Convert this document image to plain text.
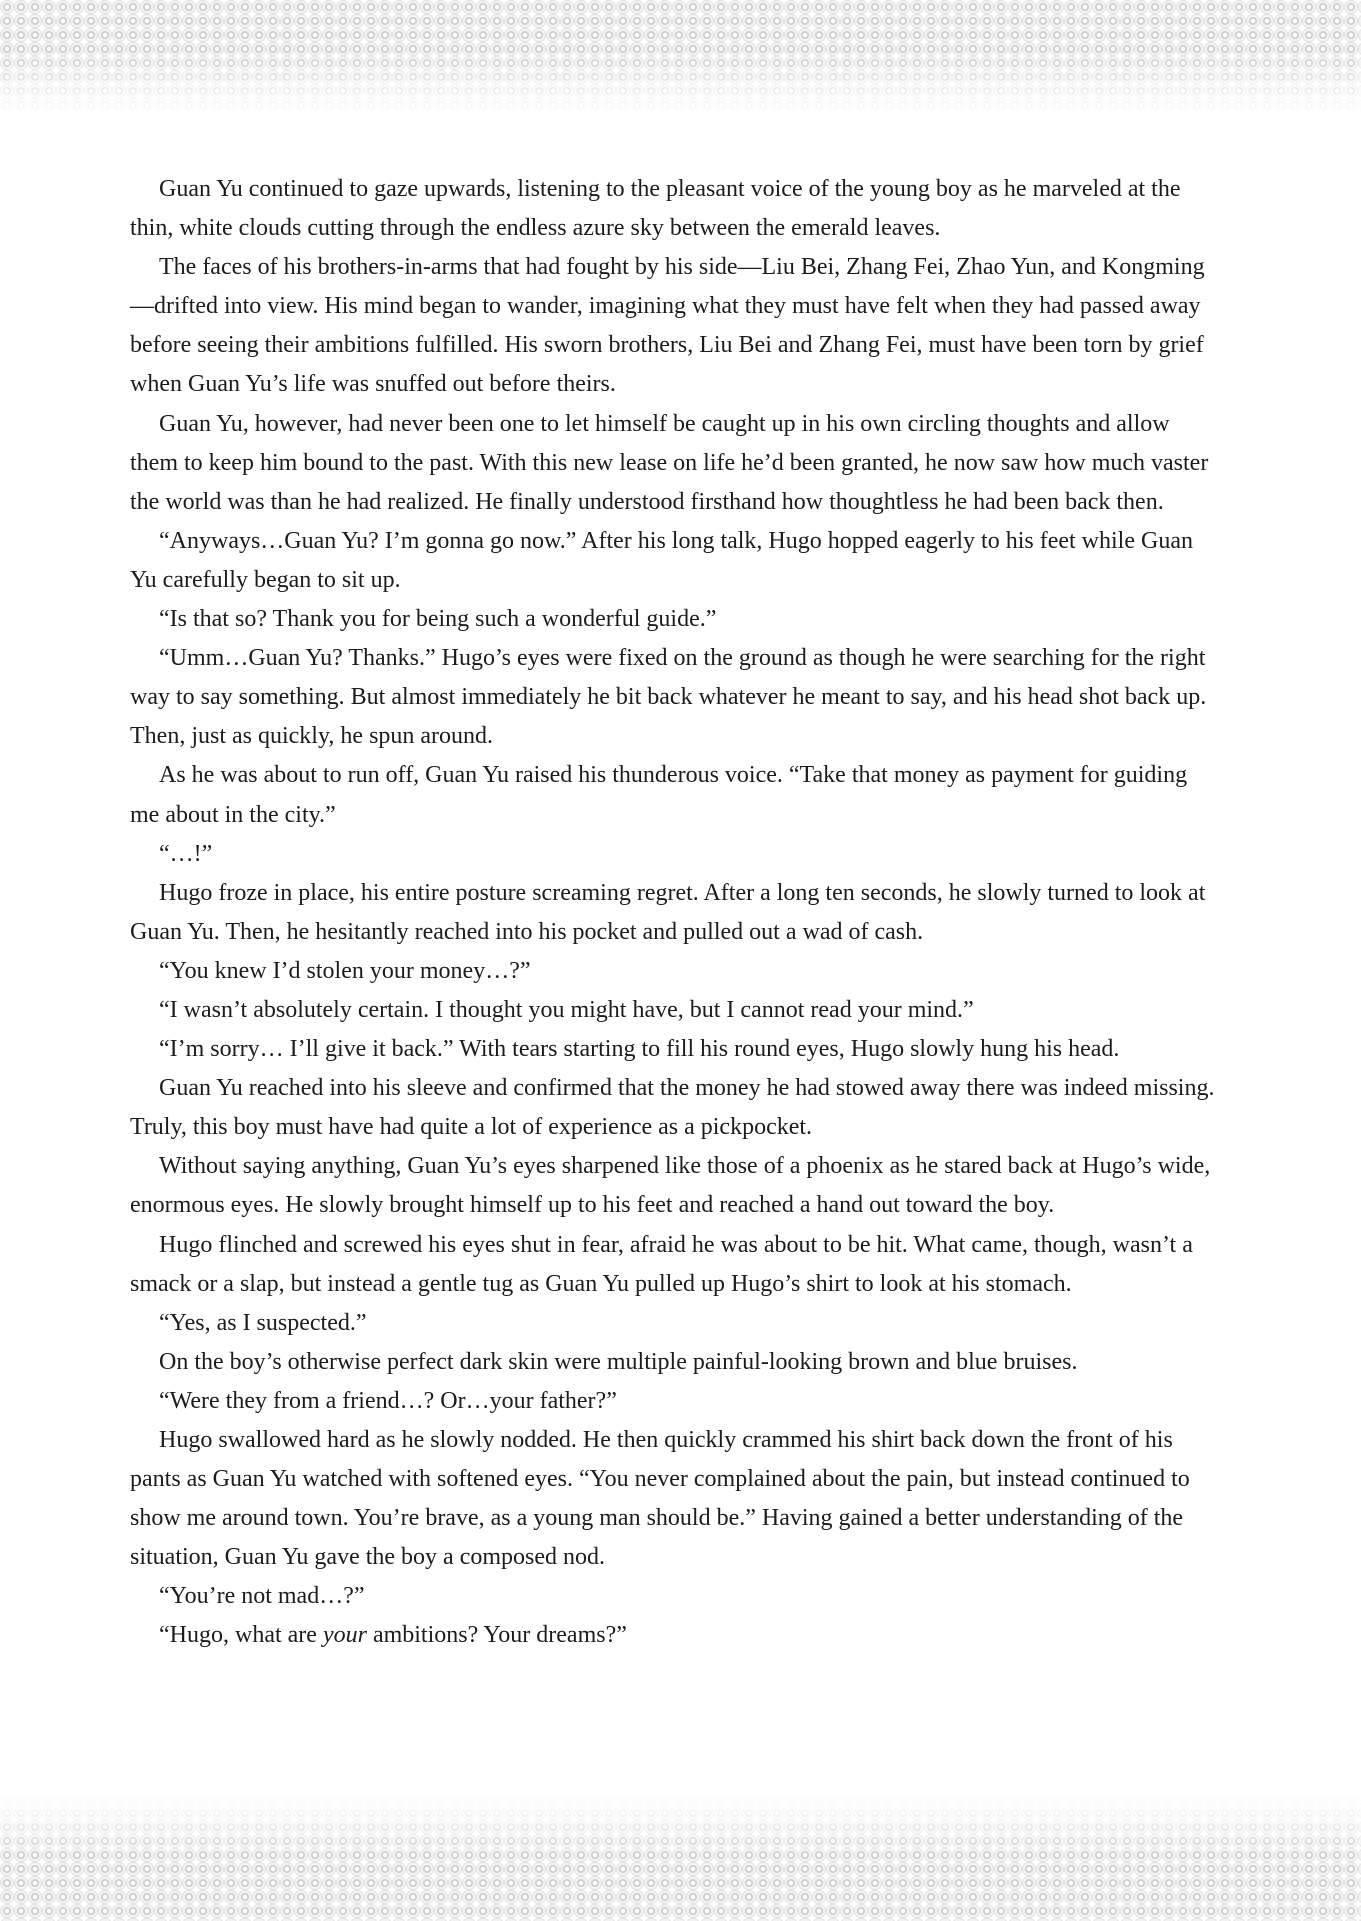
Guan Yu continued to gaze upwards, listening to the pleasant voice of the young boy as he marveled at the thin, white clouds cutting through the endless azure sky between the emerald leaves.

The faces of his brothers-in-arms that had fought by his side—Liu Bei, Zhang Fei, Zhao Yun, and Kongming—drifted into view. His mind began to wander, imagining what they must have felt when they had passed away before seeing their ambitions fulfilled. His sworn brothers, Liu Bei and Zhang Fei, must have been torn by grief when Guan Yu’s life was snuffed out before theirs.

Guan Yu, however, had never been one to let himself be caught up in his own circling thoughts and allow them to keep him bound to the past. With this new lease on life he’d been granted, he now saw how much vaster the world was than he had realized. He finally understood firsthand how thoughtless he had been back then.

“Anyways…Guan Yu? I’m gonna go now.” After his long talk, Hugo hopped eagerly to his feet while Guan Yu carefully began to sit up.

“Is that so? Thank you for being such a wonderful guide.”

“Umm…Guan Yu? Thanks.” Hugo’s eyes were fixed on the ground as though he were searching for the right way to say something. But almost immediately he bit back whatever he meant to say, and his head shot back up. Then, just as quickly, he spun around.

As he was about to run off, Guan Yu raised his thunderous voice. “Take that money as payment for guiding me about in the city.”

“…!”

Hugo froze in place, his entire posture screaming regret. After a long ten seconds, he slowly turned to look at Guan Yu. Then, he hesitantly reached into his pocket and pulled out a wad of cash.

“You knew I’d stolen your money…?”

“I wasn’t absolutely certain. I thought you might have, but I cannot read your mind.”

“I’m sorry… I’ll give it back.” With tears starting to fill his round eyes, Hugo slowly hung his head.

Guan Yu reached into his sleeve and confirmed that the money he had stowed away there was indeed missing. Truly, this boy must have had quite a lot of experience as a pickpocket.

Without saying anything, Guan Yu’s eyes sharpened like those of a phoenix as he stared back at Hugo’s wide, enormous eyes. He slowly brought himself up to his feet and reached a hand out toward the boy.

Hugo flinched and screwed his eyes shut in fear, afraid he was about to be hit. What came, though, wasn’t a smack or a slap, but instead a gentle tug as Guan Yu pulled up Hugo’s shirt to look at his stomach.

“Yes, as I suspected.”

On the boy’s otherwise perfect dark skin were multiple painful-looking brown and blue bruises.

“Were they from a friend…? Or…your father?”

Hugo swallowed hard as he slowly nodded. He then quickly crammed his shirt back down the front of his pants as Guan Yu watched with softened eyes. “You never complained about the pain, but instead continued to show me around town. You’re brave, as a young man should be.” Having gained a better understanding of the situation, Guan Yu gave the boy a composed nod.

“You’re not mad…?”

“Hugo, what are your ambitions? Your dreams?”
